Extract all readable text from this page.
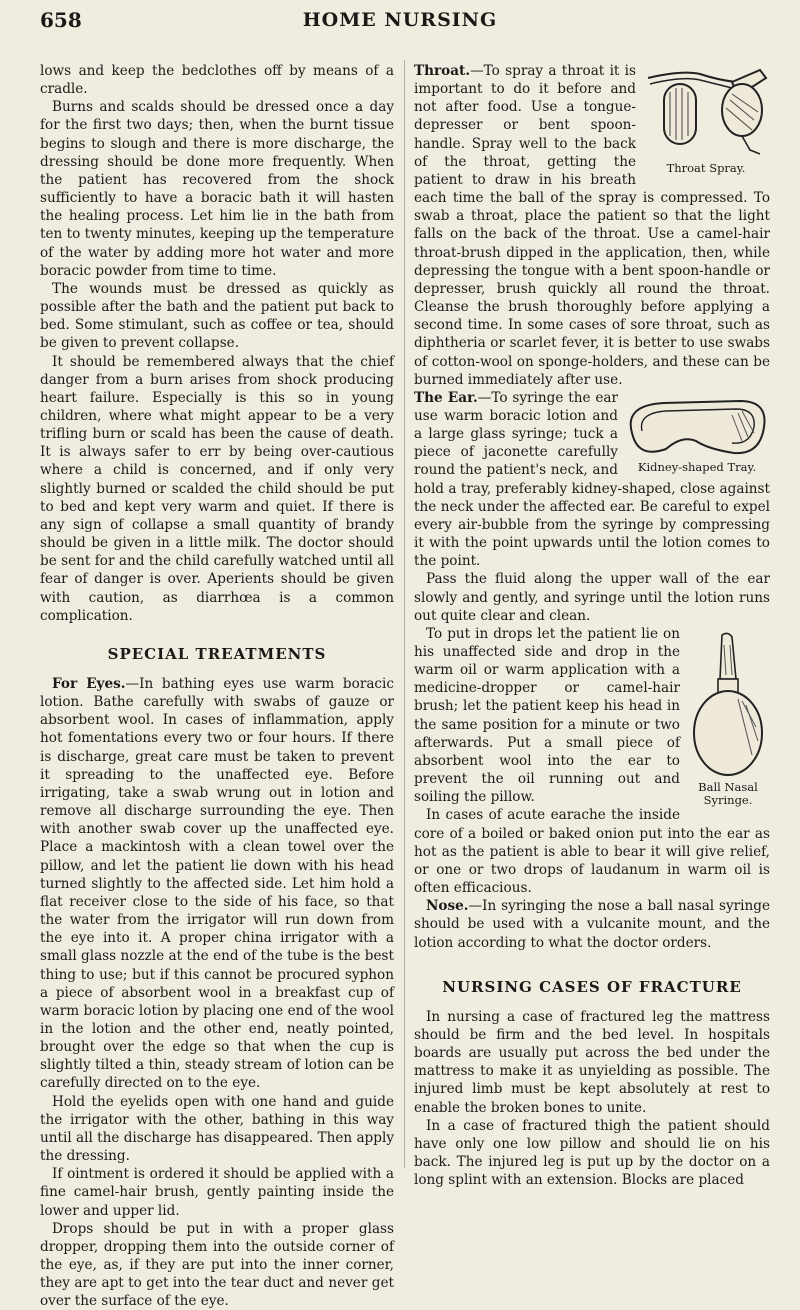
658	HOME NURSING

lows and keep the bedclothes off by means of a cradle.

Burns and scalds should be dressed once a day for the first two days; then, when the burnt tissue begins to slough and there is more discharge, the dressing should be done more frequently. When the patient has recovered from the shock sufficiently to have a boracic bath it will hasten the healing process. Let him lie in the bath from ten to twenty minutes, keeping up the temperature of the water by adding more hot water and more boracic powder from time to time.

The wounds must be dressed as quickly as possible after the bath and the patient put back to bed. Some stimulant, such as coffee or tea, should be given to prevent collapse.

It should be remembered always that the chief danger from a burn arises from shock producing heart failure. Especially is this so in young children, where what might appear to be a very trifling burn or scald has been the cause of death. It is always safer to err by being over-cautious where a child is concerned, and if only very slightly burned or scalded the child should be put to bed and kept very warm and quiet. If there is any sign of collapse a small quantity of brandy should be given in a little milk. The doctor should be sent for and the child carefully watched until all fear of danger is over. Aperients should be given with caution, as diarrhœa is a common complication.

SPECIAL TREATMENTS

For Eyes.—In bathing eyes use warm boracic lotion. Bathe carefully with swabs of gauze or absorbent wool. In cases of inflammation, apply hot fomentations every two or four hours. If there is discharge, great care must be taken to prevent it spreading to the unaffected eye. Before irrigating, take a swab wrung out in lotion and remove all discharge surrounding the eye. Then with another swab cover up the unaffected eye. Place a mackintosh with a clean towel over the pillow, and let the patient lie down with his head turned slightly to the affected side. Let him hold a flat receiver close to the side of his face, so that the water from the irrigator will run down from the eye into it. A proper china irrigator with a small glass nozzle at the end of the tube is the best thing to use; but if this cannot be procured syphon a piece of absorbent wool in a breakfast cup of warm boracic lotion by placing one end of the wool in the lotion and the other end, neatly pointed, brought over the edge so that when the cup is slightly tilted a thin, steady stream of lotion can be carefully directed on to the eye.

Hold the eyelids open with one hand and guide the irrigator with the other, bathing in this way until all the discharge has disappeared. Then apply the dressing.

If ointment is ordered it should be applied with a fine camel-hair brush, gently painting inside the lower and upper lid.

Drops should be put in with a proper glass dropper, dropping them into the outside corner of the eye, as, if they are put into the inner corner, they are apt to get into the tear duct and never get over the surface of the eye.

Throat Spray.

Throat.—To spray a throat it is important to do it before and not after food. Use a tongue-depresser or bent spoon-handle. Spray well to the back of the throat, getting the patient to draw in his breath each time the ball of the spray is compressed. To swab a throat, place the patient so that the light falls on the back of the throat. Use a camel-hair throat-brush dipped in the application, then, while depressing the tongue with a bent spoon-handle or depresser, brush quickly all round the throat. Cleanse the brush thoroughly before applying a second time. In some cases of sore throat, such as diphtheria or scarlet fever, it is better to use swabs of cotton-wool on sponge-holders, and these can be burned immediately after use.

Kidney-shaped Tray.

The Ear.—To syringe the ear use warm boracic lotion and a large glass syringe; tuck a piece of jaconette carefully round the patient's neck, and hold a tray, preferably kidney-shaped, close against the neck under the affected ear. Be careful to expel every air-bubble from the syringe by compressing it with the point upwards until the lotion comes to the point.

Pass the fluid along the upper wall of the ear slowly and gently, and syringe until the lotion runs out quite clear and clean.

Ball Nasal Syringe.

To put in drops let the patient lie on his unaffected side and drop in the warm oil or warm application with a medicine-dropper or camel-hair brush; let the patient keep his head in the same position for a minute or two afterwards. Put a small piece of absorbent wool into the ear to prevent the oil running out and soiling the pillow.

In cases of acute earache the inside core of a boiled or baked onion put into the ear as hot as the patient is able to bear it will give relief, or one or two drops of laudanum in warm oil is often efficacious.

Nose.—In syringing the nose a ball nasal syringe should be used with a vulcanite mount, and the lotion according to what the doctor orders.

NURSING CASES OF FRACTURE

In nursing a case of fractured leg the mattress should be firm and the bed level. In hospitals boards are usually put across the bed under the mattress to make it as unyielding as possible. The injured limb must be kept absolutely at rest to enable the broken bones to unite.

In a case of fractured thigh the patient should have only one low pillow and should lie on his back. The injured leg is put up by the doctor on a long splint with an extension. Blocks are placed
